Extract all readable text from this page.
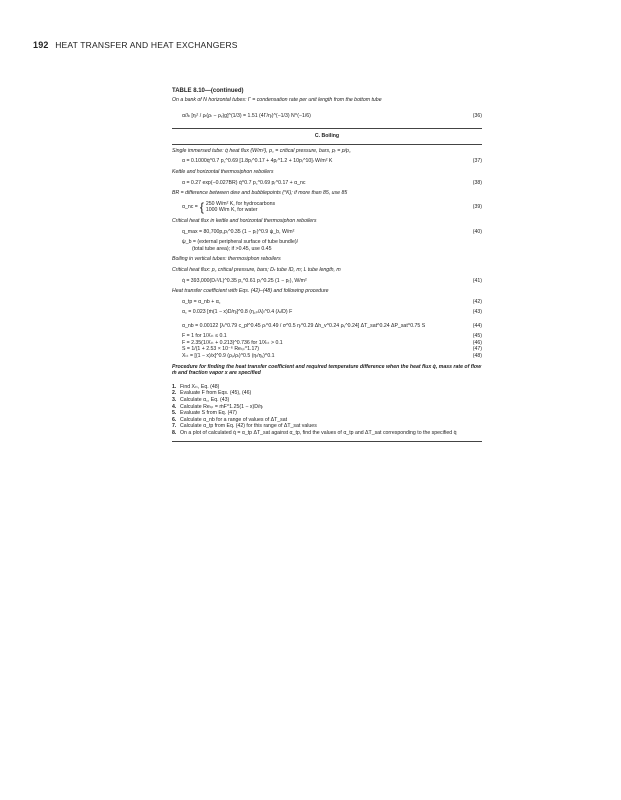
192 HEAT TRANSFER AND HEAT EXCHANGERS
TABLE 8.10—(continued)
On a bank of N horizontal tubes: Γ = condensation rate per unit length from the bottom tube
α/λₗ [ηₗ² / ρₗ(ρₗ − ρᵥ)g]^(1/3) = 1.51 (4Γ/ηₗ)^(−1/3) N^(−1/6)	(36)
C. Boiling
Single immersed tube: q̇ heat flux (W/m²), p꜀ = critical pressure, bars, pᵣ = p/p꜀
α = 0.1000q̇^0.7 p꜀^0.69 [1.8pᵣ^0.17 + 4pᵣ^1.2 + 10pᵣ^10]ₗ W/m² K	(37)
Kettle and horizontal thermosiphon reboilers
α = 0.27 exp(−0.027BR) q̇^0.7 p꜀^0.69 pᵣ^0.17 + α_nc	(38)
BR = difference between dew and bubblepoints (°K); if more than 85, use 85
α_nc = { 250 W/m² K, for hydrocarbons
1000 W/m K, for water
(39)
Critical heat flux in kettle and horizontal thermosiphon reboilers
q_max = 80,700p꜀pᵣ^0.35 (1 − pᵣ)^0.9 ψ_b, W/m²	(40)
ψ_b = (external peripheral surface of tube bundle)/
(total tube area); if >0.45, use 0.45
Boiling in vertical tubes: thermosiphon reboilers
Critical heat flux: p꜀ critical pressure, bars; Dₜ tube ID, m; L tube length, m
q̇ = 393,000(Dₜ²/L)^0.35 p꜀^0.61 pᵣ^0.25 (1 − pᵣ), W/m²	(41)
Heat transfer coefficient with Eqs. (42)–(48) and following procedure
α_tp = α_nb + α꜀	(42)
α꜀ = 0.023 [ṁ(1 − x)D/ηₗ]^0.8 (η꜀ₚ/λ)ₗ^0.4 (λₗ/D) F	(43)
α_nb = 0.00122 [λₗ^0.79 c_pl^0.45 ρₗ^0.49 / σ^0.5 ηₗ^0.29 Δh_v^0.24 ρᵥ^0.24] ΔT_sat^0.24 ΔP_sat^0.75 S	(44)
F = 1 for 1/Xₜₜ ≤ 0.1	(45)
F = 2.35(1/Xₜₜ + 0.213)^0.736 for 1/Xₜₜ > 0.1	(46)
S = 1/(1 + 2.53 × 10⁻⁶ Reₜₚ^1.17)	(47)
Xₜₜ = [(1 − x)/x]^0.9 (ρᵥ/ρₗ)^0.5 (ηₗ/ηᵥ)^0.1	(48)
Procedure for finding the heat transfer coefficient and required temperature difference when the heat flux q̇, mass rate of flow ṁ and fraction vapor x are specified
1. Find Xₜₜ, Eq. (48)
2. Evaluate F from Eqs. (45), (46)
3. Calculate α꜀, Eq. (43)
4. Calculate Reₜₚ = ṁF^1.25(1 − x)D/ηₗ
5. Evaluate S from Eq. (47)
6. Calculate α_nb for a range of values of ΔT_sat
7. Calculate α_tp from Eq. (42) for this range of ΔT_sat values
8. On a plot of calculated q̇ = α_tp ΔT_sat against α_tp, find the values of α_tp and ΔT_sat corresponding to the specified q̇
